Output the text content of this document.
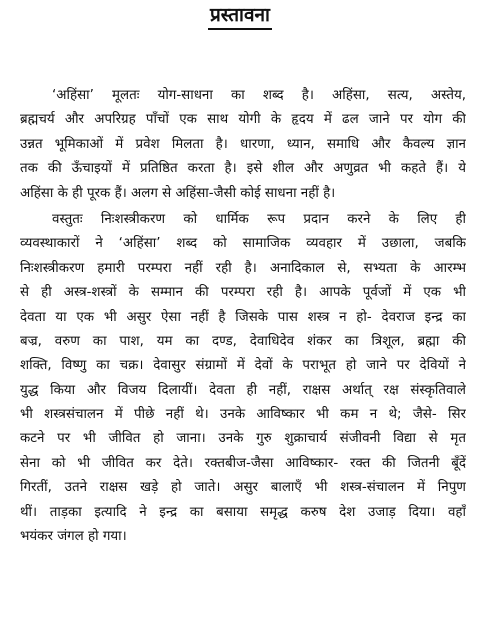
प्रस्तावना
‘अहिंसा’ मूलतः योग-साधना का शब्द है। अहिंसा, सत्य, अस्तेय,
ब्रह्मचर्य और अपरिग्रह पाँचों एक साथ योगी के हृदय में ढल जाने पर योग की
उन्नत भूमिकाओं में प्रवेश मिलता है। धारणा, ध्यान, समाधि और कैवल्य ज्ञान
तक की ऊँचाइयों में प्रतिष्ठित करता है। इसे शील और अणुव्रत भी कहते हैं। ये
अहिंसा के ही पूरक हैं। अलग से अहिंसा-जैसी कोई साधना नहीं है।
वस्तुतः निःशस्त्रीकरण को धार्मिक रूप प्रदान करने के लिए ही
व्यवस्थाकारों ने ‘अहिंसा’ शब्द को सामाजिक व्यवहार में उछाला, जबकि
निःशस्त्रीकरण हमारी परम्परा नहीं रही है। अनादिकाल से, सभ्यता के आरम्भ
से ही अस्त्र-शस्त्रों के सम्मान की परम्परा रही है। आपके पूर्वजों में एक भी
देवता या एक भी असुर ऐसा नहीं है जिसके पास शस्त्र न हो- देवराज इन्द्र का
बज्र, वरुण का पाश, यम का दण्ड, देवाधिदेव शंकर का त्रिशूल, ब्रह्मा की
शक्ति, विष्णु का चक्र। देवासुर संग्रामों में देवों के पराभूत हो जाने पर देवियों ने
युद्ध किया और विजय दिलायीं। देवता ही नहीं, राक्षस अर्थात् रक्ष संस्कृतिवाले
भी शस्त्रसंचालन में पीछे नहीं थे। उनके आविष्कार भी कम न थे; जैसे- सिर
कटने पर भी जीवित हो जाना। उनके गुरु शुक्राचार्य संजीवनी विद्या से मृत
सेना को भी जीवित कर देते। रक्तबीज-जैसा आविष्कार- रक्त की जितनी बूँदें
गिरतीं, उतने राक्षस खड़े हो जाते। असुर बालाएँ भी शस्त्र-संचालन में निपुण
थीं। ताड़का इत्यादि ने इन्द्र का बसाया समृद्ध करुष देश उजाड़ दिया। वहाँ
भयंकर जंगल हो गया।
